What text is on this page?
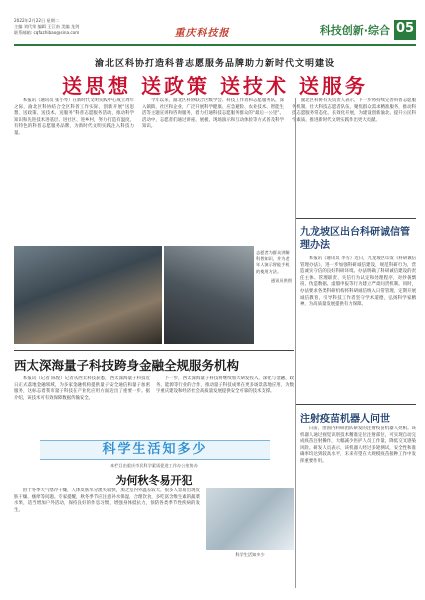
2022年2月22日 星期二
主编 刘代荣 编辑 王江南 美编 龙剑
联系邮箱: cqfazhibao@sina.com	重庆科技报	科技创新·综合 05
渝北区科协打造科普志愿服务品牌助力新时代文明建设
送思想 送政策 送技术 送服务

本报讯（通讯员 张小琴）在新时代文明实践中心成立周年之际，渝北区科协结合全区科普工作实际，创新开展“送思想、送政策、送技术、送服务”科普志愿服务活动，推动科学知识和先进技术进基层、进社区、进乡村，努力打造有温度、有特色的科普志愿服务品牌，为新时代文明实践注入科技力量。

今年以来，渝北区科协联合区级学会、科技工作者和志愿服务队，深入镇街、社区和企业，广泛开展科学健康、应急避险、农业技术、智能生活等主题宣讲和咨询服务，着力打通科技志愿服务群众的“最后一公里”。活动中，志愿者们通过讲座、展板、现场演示和互动体验等方式普及科学知识。

渝北区科协有关负责人表示，下一步将持续完善科普志愿服务机制，壮大科技志愿者队伍，聚焦群众需求精准服务，推动科技志愿服务常态化、长效化开展，为建设创新渝北、提升公民科学素质、推进新时代文明实践作出更大贡献。

志愿者为群众讲解科普知识，并为老年人演示智能手机的使用方法。
通讯员供图
九龙坡区出台科研诚信管理办法

本报讯（通讯员 李雪）近日，九龙坡区印发《科研诚信管理办法》，进一步加强科研诚信建设，规范科研行为，营造诚实守信的良好科研环境。办法明确了科研诚信建设的责任主体、管理职责、失信行为认定和处理程序，对抄袭剽窃、伪造数据、虚假申报等行为建立严肃问责机制。同时，办法要求各类科研机构将科研诚信纳入日常管理，定期开展诚信教育，引导科技工作者坚守学术道德，弘扬科学家精神，为高质量发展提供有力保障。

西太深海量子科技跨身金融全规服务机构

本报讯（记者 陈悦）记者从西太科技获悉，西太深海量子科技近日正式落地金融领域，为多家金融机构提供量子安全通信和量子加密服务，这标志着我市量子科技在产业化应用方面迈出了重要一步。据介绍，该技术可有效保障数据传输安全。

下一步，西太深海量子科技将继续加大研发投入，深化与金融、政务、能源等行业的合作，推动量子科技成果在更多场景落地应用，为数字重庆建设和经济社会高质量发展提供安全可靠的技术支撑。

科学生活知多少
本栏目由重庆市民科学素质促进工作办公室协办
为何秋冬易开犯

由于冬季天气寒冷干燥，人体皮肤水分流失较快，加之室内外温差较大，很多人容易出现皮肤干燥、瘙痒等问题。专家提醒，秋冬季节应注意补水保湿，合理饮食，多吃富含维生素的蔬菜水果，适当增加户外活动，保持良好的作息习惯，增强身体抵抗力，预防各类季节性疾病的发生。

科学生活知多少
注射疫苗机器人问世

日前，由国内科研团队研发的注射疫苗机器人亮相。该机器人通过视觉识别技术精准定位注射部位，可实现自动完成疫苗注射操作，大幅减少医护人员工作量，降低交叉感染风险。研发人员表示，该机器人经过多轮测试，安全性和准确率均达到较高水平，未来有望在大规模疫苗接种工作中发挥重要作用。
